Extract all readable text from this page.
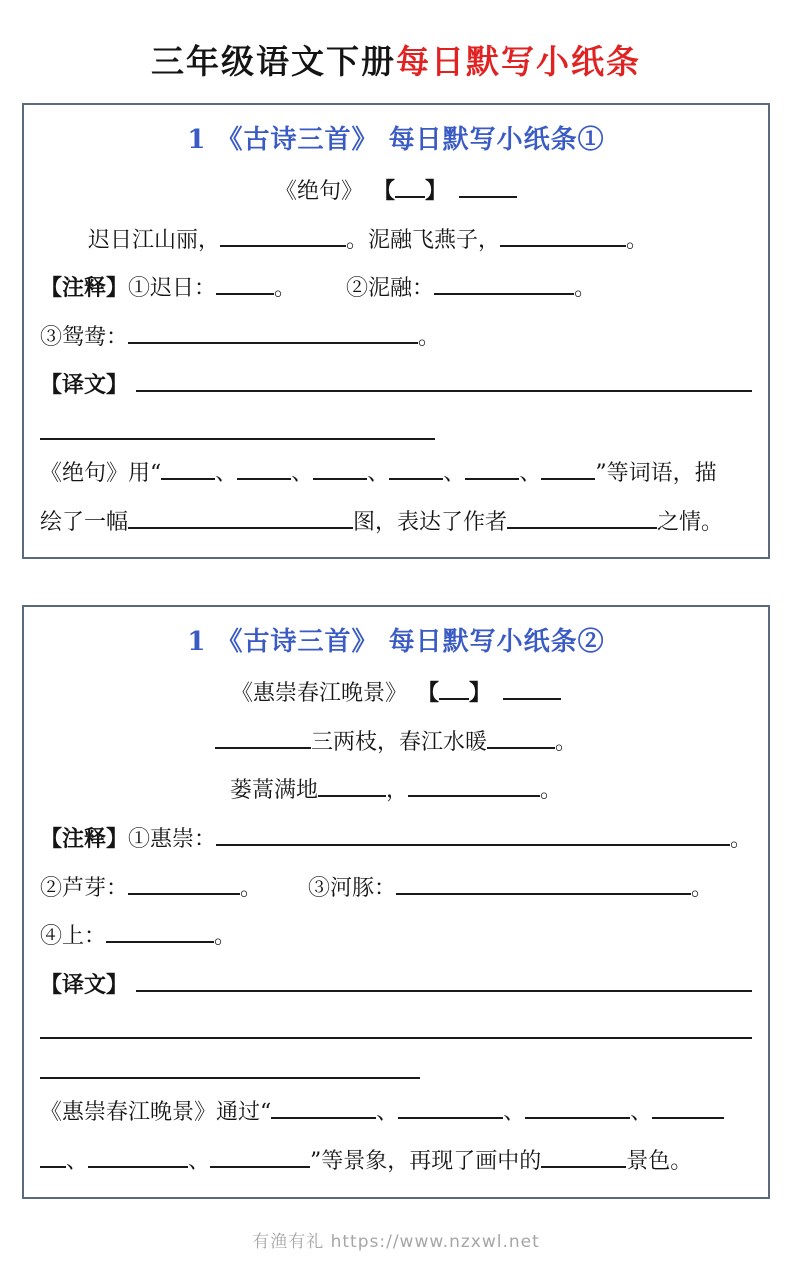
三年级语文下册每日默写小纸条
1 《古诗三首》 每日默写小纸条①
《绝句》 【 】
迟日江山丽，	。泥融飞燕子，	。
【注释】 ①迟日：	。 ②泥融：	。
③鸳鸯：	。
【译文】
《绝句》用“ 、 、 、 、 、 ”等词语，描
绘了一幅	图，表达了作者	之情。
1 《古诗三首》 每日默写小纸条②
《惠崇春江晚景》 【 】
三两枝，春江水暖	。
蒌蒿满地	，	。
【注释】 ①惠崇：	。
②芦芽：	。 ③河豚：	。
④上：	。
【译文】
《惠崇春江晚景》通过“	、	、	、
、	、	”等景象，再现了画中的	景色。
有渔有礼 https://www.nzxwl.net
